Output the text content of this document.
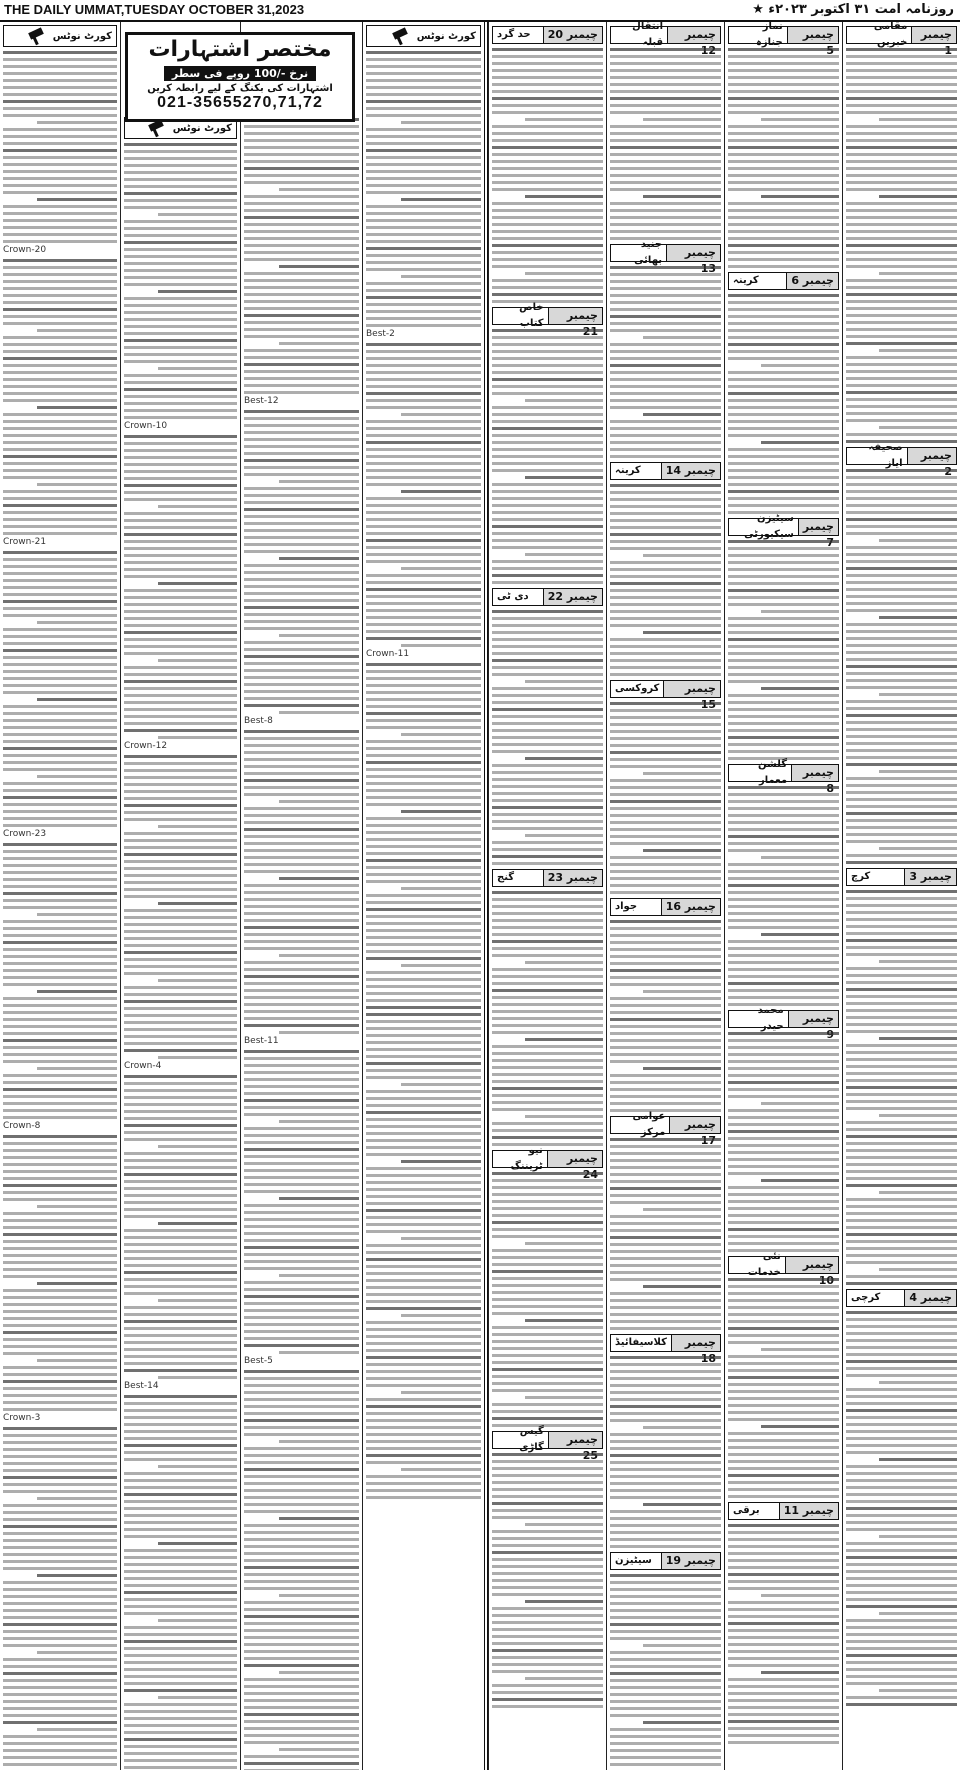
THE DAILY UMMAT,TUESDAY OCTOBER 31,2023	روزنامہ امت ۳۱ اکتوبر ۲۰۲۳ء ★
کورٹ نوٹس
Crown-20
Crown-21
Crown-23
Crown-8
Crown-3
کورٹ نوٹس
Crown-10
Crown-12
Crown-4
Best-14
Best-12
Best-8
Best-11
Best-5
کورٹ نوٹس
Best-2
Crown-11
چیمبر 20
حد گرد
چیمبر
خاص کتاب
چیمبر 22
دی ٹی
چیمبر 23
گنج
چیمبر
نیو ٹریننگ
چیمبر
گیس گاڑی
چیمبر
انتقال قبلہ
چیمبر
جنید بھائی
چیمبر 14
کرینہ
چیمبر
کروکسی
چیمبر 16
جواد
چیمبر
عوامی مرکز
چیمبر
کلاسیفائیڈ
چیمبر 19
سیٹیزن
چیمبر
نماز جنازہ
چیمبر 6
کرینہ
چیمبر
سیٹیزن سیکیورٹی
چیمبر
گلشن معمار
چیمبر
محمد حیدر
چیمبر
نئی خدمات
چیمبر 11
برقی
چیمبر
مقامی خبریں
چیمبر
صحیفہ ایاز
چیمبر 3
کرچ
چیمبر 4
کرچی
مختصر اشتہارات
نرخ -/100 روپے فی سطر
اشتہارات کی بکنگ کے لیے رابطہ کریں
021-35655270,71,72
